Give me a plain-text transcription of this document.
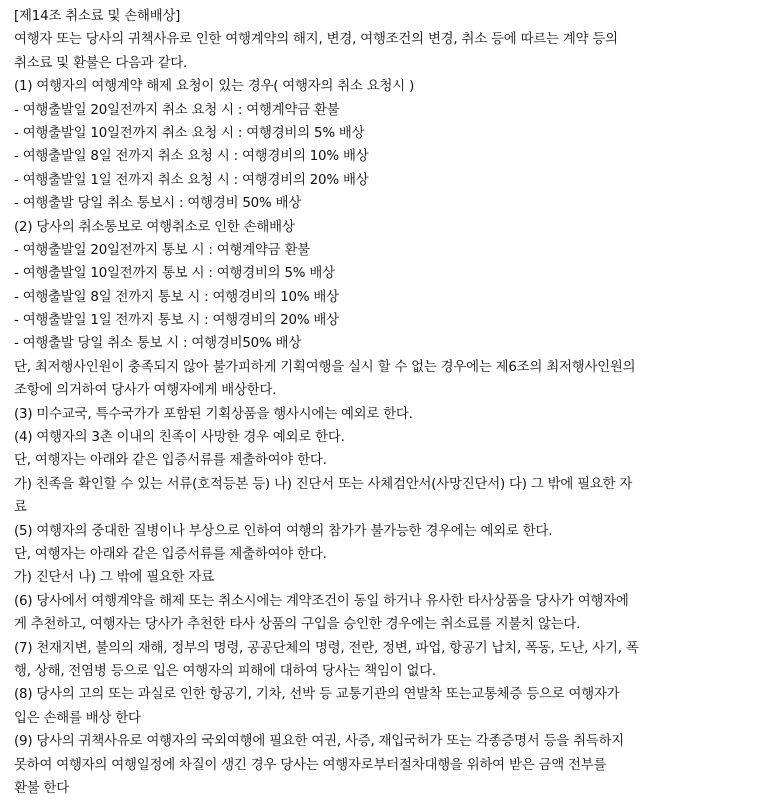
[제14조 취소료 및 손해배상]
여행자 또는 당사의 귀책사유로 인한 여행계약의 해지, 변경, 여행조건의 변경, 취소 등에 따르는 계약 등의
취소료 및 환불은 다음과 같다.
(1) 여행자의 여행계약 해제 요청이 있는 경우( 여행자의 취소 요청시 )
- 여행출발일 20일전까지 취소 요청 시 : 여행계약금 환불
- 여행출발일 10일전까지 취소 요청 시 : 여행경비의 5% 배상
- 여행출발일 8일 전까지 취소 요청 시 : 여행경비의 10% 배상
- 여행출발일 1일 전까지 취소 요청 시 : 여행경비의 20% 배상
- 여행출발 당일 취소 통보시 : 여행경비 50% 배상
(2) 당사의 취소통보로 여행취소로 인한 손해배상
- 여행출발일 20일전까지 통보 시 : 여행계약금 환불
- 여행출발일 10일전까지 통보 시 : 여행경비의 5% 배상
- 여행출발일 8일 전까지 통보 시 : 여행경비의 10% 배상
- 여행출발일 1일 전까지 통보 시 : 여행경비의 20% 배상
- 여행출발 당일 취소 통보 시 : 여행경비50% 배상
단, 최저행사인원이 충족되지 않아 불가피하게 기획여행을 실시 할 수 없는 경우에는 제6조의 최저행사인원의
조항에 의거하여 당사가 여행자에게 배상한다.
(3) 미수교국, 특수국가가 포함된 기획상품을 행사시에는 예외로 한다.
(4) 여행자의 3촌 이내의 친족이 사망한 경우 예외로 한다.
단, 여행자는 아래와 같은 입증서류를 제출하여야 한다.
가) 친족을 확인할 수 있는 서류(호적등본 등) 나) 진단서 또는 사체검안서(사망진단서) 다) 그 밖에 필요한 자
료
(5) 여행자의 중대한 질병이나 부상으로 인하여 여행의 참가가 불가능한 경우에는 예외로 한다.
단, 여행자는 아래와 같은 입증서류를 제출하여야 한다.
가) 진단서 나) 그 밖에 필요한 자료
(6) 당사에서 여행계약을 해제 또는 취소시에는 계약조건이 동일 하거나 유사한 타사상품을 당사가 여행자에
게 추천하고, 여행자는 당사가 추천한 타사 상품의 구입을 승인한 경우에는 취소료를 지불치 않는다.
(7) 천재지변, 불의의 재해, 정부의 명령, 공공단체의 명령, 전란, 정변, 파업, 항공기 납치, 폭동, 도난, 사기, 폭
행, 상해, 전염병 등으로 입은 여행자의 피해에 대하여 당사는 책임이 없다.
(8) 당사의 고의 또는 과실로 인한 항공기, 기차, 선박 등 교통기관의 연발착 또는교통체증 등으로 여행자가
입은 손해를 배상 한다
(9) 당사의 귀책사유로 여행자의 국외여행에 필요한 여권, 사증, 재입국허가 또는 각종증명서 등을 취득하지
못하여 여행자의 여행일정에 차질이 생긴 경우 당사는 여행자로부터절차대행을 위하여 받은 금액 전부를
환불 한다
